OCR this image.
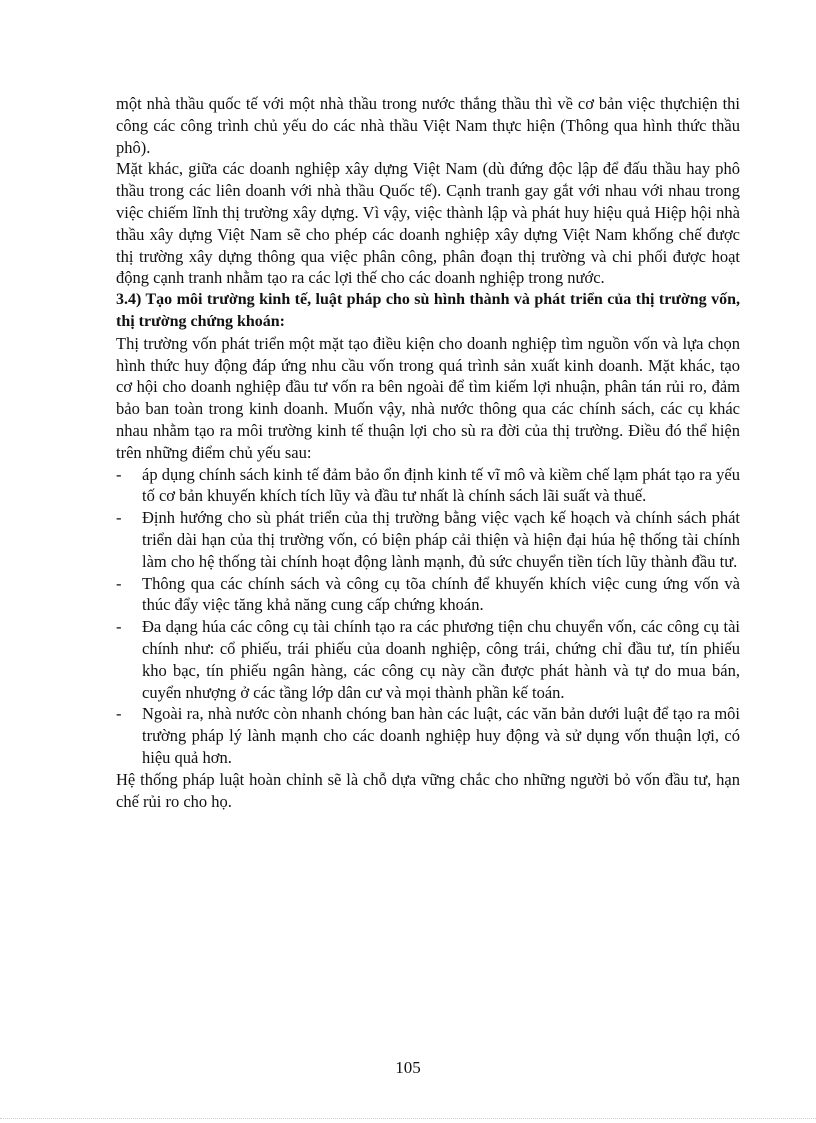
một nhà thầu quốc tế với một nhà thầu trong nước thắng thầu thì về cơ bản việc thựchiện thi công các công trình chủ yếu do các nhà thầu Việt Nam thực hiện (Thông qua hình thức thầu phô).

Mặt khác, giữa các doanh nghiệp xây dựng Việt Nam (dù đứng độc lập để đấu thầu hay phô thầu trong các liên doanh với nhà thầu Quốc tế). Cạnh tranh gay gắt với nhau với nhau trong việc chiếm lĩnh thị trường xây dựng. Vì vậy, việc thành lập và phát huy hiệu quả Hiệp hội nhà thầu xây dựng Việt Nam sẽ cho phép các doanh nghiệp xây dựng Việt Nam khống chế được thị trường xây dựng thông qua việc phân công, phân đoạn thị trường và chi phối được hoạt động cạnh tranh nhằm tạo ra các lợi thế cho các doanh nghiệp trong nước.

3.4) Tạo môi trường kinh tế, luật pháp cho sù hình thành và phát triển của thị trường vốn, thị trường chứng khoán:

Thị trường vốn phát triển một mặt tạo điều kiện cho doanh nghiệp tìm nguồn vốn và lựa chọn hình thức huy động đáp ứng nhu cầu vốn trong quá trình sản xuất kinh doanh. Mặt khác, tạo cơ hội cho doanh nghiệp đầu tư vốn ra bên ngoài để tìm kiếm lợi nhuận, phân tán rủi ro, đảm bảo ban toàn trong kinh doanh. Muốn vậy, nhà nước thông qua các chính sách, các cụ khác nhau nhằm tạo ra môi trường kinh tế thuận lợi cho sù ra đời của thị trường. Điều đó thể hiện trên những điểm chủ yếu sau:

- áp dụng chính sách kinh tế đảm bảo ổn định kinh tế vĩ mô và kiềm chế lạm phát tạo ra yếu tố cơ bản khuyến khích tích lũy và đầu tư nhất là chính sách lãi suất và thuế.
- Định hướng cho sù phát triển của thị trường bằng việc vạch kế hoạch và chính sách phát triển dài hạn của thị trường vốn, có biện pháp cải thiện và hiện đại húa hệ thống tài chính làm cho hệ thống tài chính hoạt động lành mạnh, đủ sức chuyển tiền tích lũy thành đầu tư.
- Thông qua các chính sách và công cụ tõa chính để khuyến khích việc cung ứng vốn và thúc đẩy việc tăng khả năng cung cấp chứng khoán.
- Đa dạng húa các công cụ tài chính tạo ra các phương tiện chu chuyển vốn, các công cụ tài chính như: cổ phiếu, trái phiếu của doanh nghiệp, công trái, chứng chỉ đầu tư, tín phiếu kho bạc, tín phiếu ngân hàng, các công cụ này cần được phát hành và tự do mua bán, cuyển nhượng ở các tầng lớp dân cư và mọi thành phần kế toán.
- Ngoài ra, nhà nước còn nhanh chóng ban hàn các luật, các văn bản dưới luật để tạo ra môi trường pháp lý lành mạnh cho các doanh nghiệp huy động và sử dụng vốn thuận lợi, có hiệu quả hơn.

Hệ thống pháp luật hoàn chỉnh sẽ là chỗ dựa vững chắc cho những người bỏ vốn đầu tư, hạn chế rủi ro cho họ.

105
